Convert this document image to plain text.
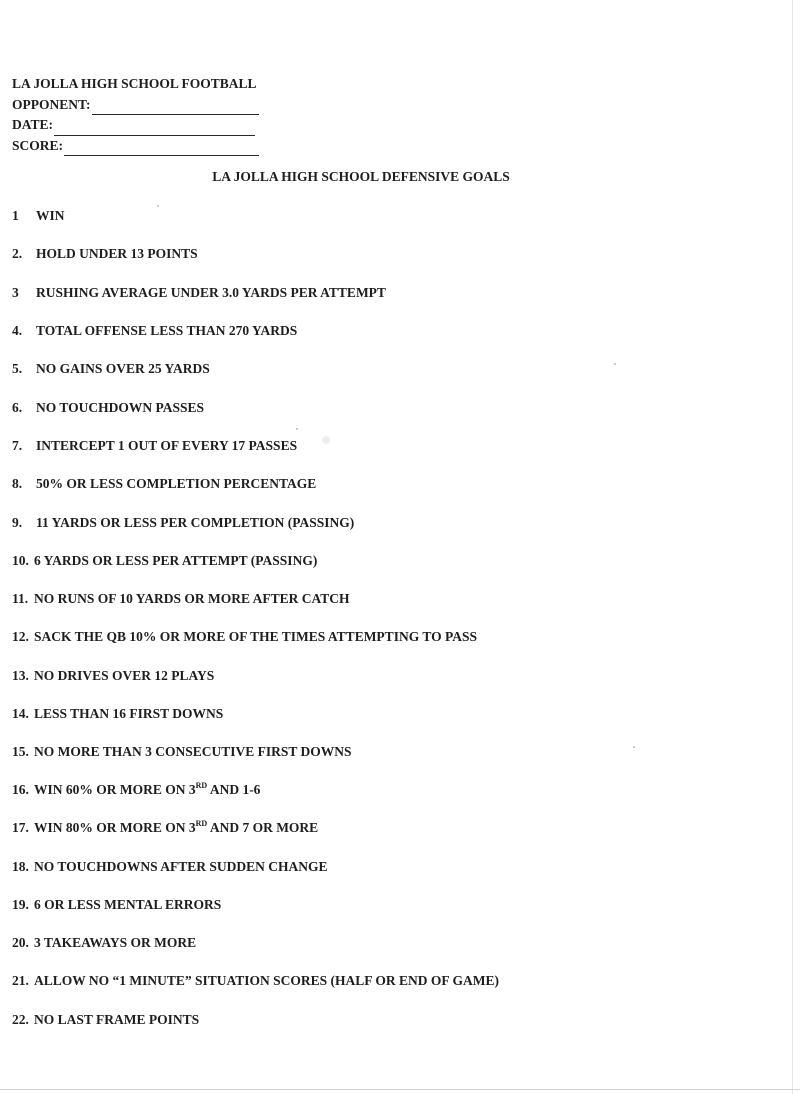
LA JOLLA HIGH SCHOOL FOOTBALL
OPPONENT:
DATE:
SCORE:
LA JOLLA HIGH SCHOOL DEFENSIVE GOALS
1 WIN
2. HOLD UNDER 13 POINTS
3 RUSHING AVERAGE UNDER 3.0 YARDS PER ATTEMPT
4. TOTAL OFFENSE LESS THAN 270 YARDS
5. NO GAINS OVER 25 YARDS
6. NO TOUCHDOWN PASSES
7. INTERCEPT 1 OUT OF EVERY 17 PASSES
8. 50% OR LESS COMPLETION PERCENTAGE
9. 11 YARDS OR LESS PER COMPLETION (PASSING)
10. 6 YARDS OR LESS PER ATTEMPT (PASSING)
11. NO RUNS OF 10 YARDS OR MORE AFTER CATCH
12. SACK THE QB 10% OR MORE OF THE TIMES ATTEMPTING TO PASS
13. NO DRIVES OVER 12 PLAYS
14. LESS THAN 16 FIRST DOWNS
15. NO MORE THAN 3 CONSECUTIVE FIRST DOWNS
16. WIN 60% OR MORE ON 3RD AND 1-6
17. WIN 80% OR MORE ON 3RD AND 7 OR MORE
18. NO TOUCHDOWNS AFTER SUDDEN CHANGE
19. 6 OR LESS MENTAL ERRORS
20. 3 TAKEAWAYS OR MORE
21. ALLOW NO “1 MINUTE” SITUATION SCORES (HALF OR END OF GAME)
22. NO LAST FRAME POINTS
